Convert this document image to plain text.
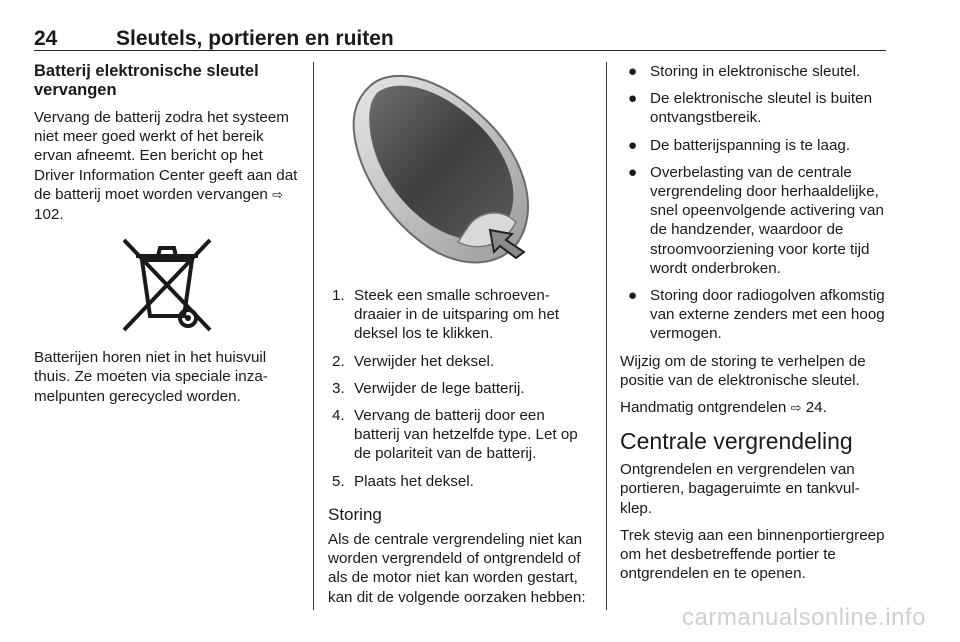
24	Sleutels, portieren en ruiten
Batterij elektronische sleutel vervangen

Vervang de batterij zodra het systeem niet meer goed werkt of het bereik ervan afneemt. Een bericht op het Driver Information Center geeft aan dat de batterij moet worden vervangen ⇨ 102.

Batterijen horen niet in het huisvuil thuis. Ze moeten via speciale inzamelpunten gerecycled worden.

1. Steek een smalle schroevendraaier in de uitsparing om het deksel los te klikken.
2. Verwijder het deksel.
3. Verwijder de lege batterij.
4. Vervang de batterij door een batterij van hetzelfde type. Let op de polariteit van de batterij.
5. Plaats het deksel.
Storing

Als de centrale vergrendeling niet kan worden vergrendeld of ontgrendeld of als de motor niet kan worden gestart, kan dit de volgende oorzaken hebben:

● Storing in elektronische sleutel.
● De elektronische sleutel is buiten ontvangstbereik.
● De batterijspanning is te laag.
● Overbelasting van de centrale vergrendeling door herhaaldelijke, snel opeenvolgende activering van de handzender, waardoor de stroomvoorziening voor korte tijd wordt onderbroken.
● Storing door radiogolven afkomstig van externe zenders met een hoog vermogen.

Wijzig om de storing te verhelpen de positie van de elektronische sleutel.

Handmatig ontgrendelen ⇨ 24.

Centrale vergrendeling

Ontgrendelen en vergrendelen van portieren, bagageruimte en tankvulklep.

Trek stevig aan een binnenportiergreep om het desbetreffende portier te ontgrendelen en te openen.

carmanualsonline.info
